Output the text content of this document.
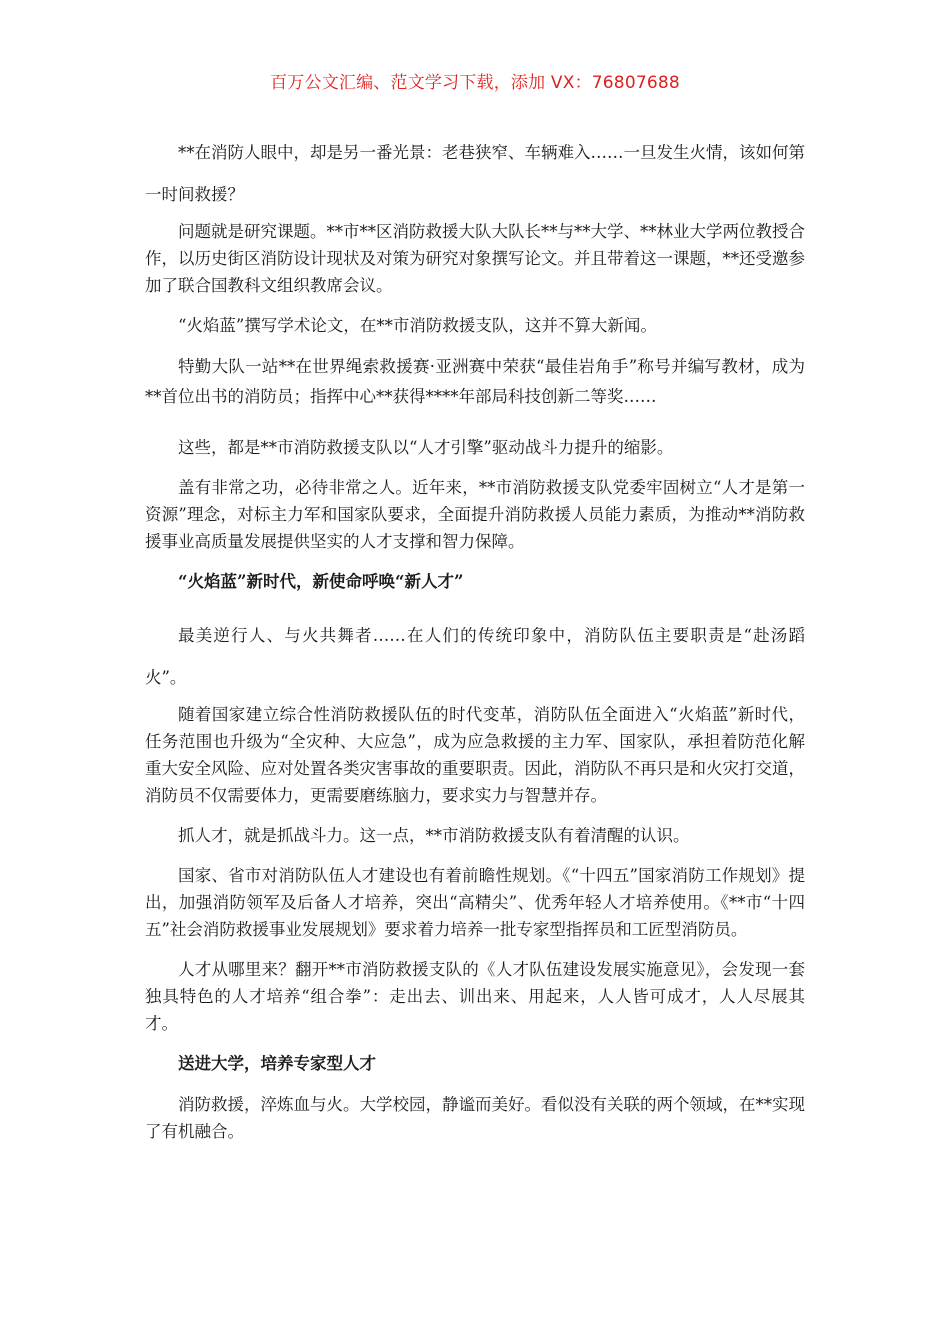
百万公文汇编、范文学习下载，添加 VX：76807688

**在消防人眼中，却是另一番光景：老巷狭窄、车辆难入……一旦发生火情，该如何第一时间救援？

问题就是研究课题。**市**区消防救援大队大队长**与**大学、**林业大学两位教授合作，以历史街区消防设计现状及对策为研究对象撰写论文。并且带着这一课题，**还受邀参加了联合国教科文组织教席会议。

“火焰蓝”撰写学术论文，在**市消防救援支队，这并不算大新闻。

特勤大队一站**在世界绳索救援赛·亚洲赛中荣获“最佳岩角手”称号并编写教材，成为**首位出书的消防员；指挥中心**获得****年部局科技创新二等奖……

这些，都是**市消防救援支队以“人才引擎”驱动战斗力提升的缩影。

盖有非常之功，必待非常之人。近年来，**市消防救援支队党委牢固树立“人才是第一资源”理念，对标主力军和国家队要求，全面提升消防救援人员能力素质，为推动**消防救援事业高质量发展提供坚实的人才支撑和智力保障。

“火焰蓝”新时代，新使命呼唤“新人才”

最美逆行人、与火共舞者……在人们的传统印象中，消防队伍主要职责是“赴汤蹈火”。

随着国家建立综合性消防救援队伍的时代变革，消防队伍全面进入“火焰蓝”新时代，任务范围也升级为“全灾种、大应急”，成为应急救援的主力军、国家队，承担着防范化解重大安全风险、应对处置各类灾害事故的重要职责。因此，消防队不再只是和火灾打交道，消防员不仅需要体力，更需要磨练脑力，要求实力与智慧并存。

抓人才，就是抓战斗力。这一点，**市消防救援支队有着清醒的认识。

国家、省市对消防队伍人才建设也有着前瞻性规划。《“十四五”国家消防工作规划》提出，加强消防领军及后备人才培养，突出“高精尖”、优秀年轻人才培养使用。《**市“十四五”社会消防救援事业发展规划》要求着力培养一批专家型指挥员和工匠型消防员。

人才从哪里来？翻开**市消防救援支队的《人才队伍建设发展实施意见》，会发现一套独具特色的人才培养“组合拳”：走出去、训出来、用起来，人人皆可成才，人人尽展其才。

送进大学，培养专家型人才

消防救援，淬炼血与火。大学校园，静谧而美好。看似没有关联的两个领域，在**实现了有机融合。
